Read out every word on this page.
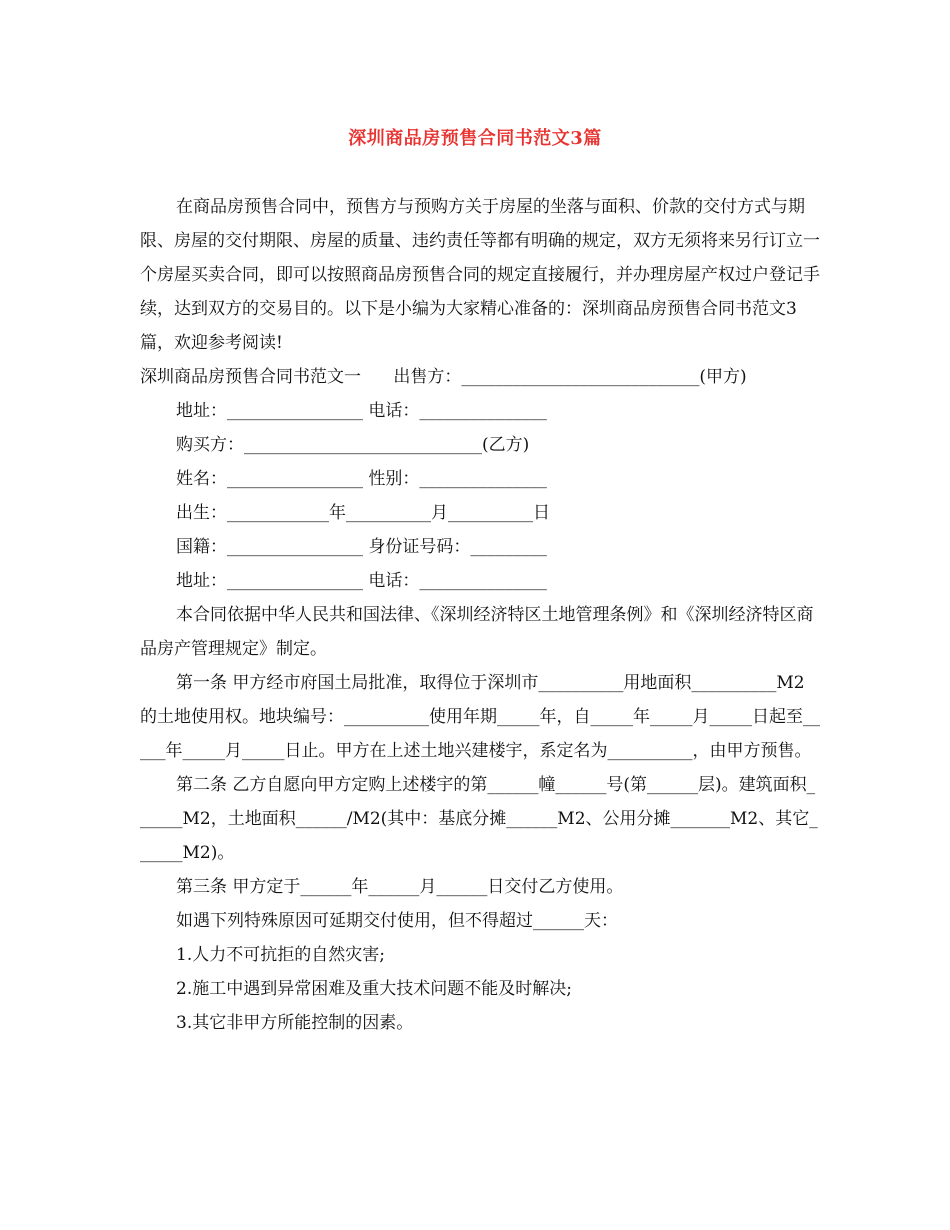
深圳商品房预售合同书范文3篇

在商品房预售合同中，预售方与预购方关于房屋的坐落与面积、价款的交付方式与期限、房屋的交付期限、房屋的质量、违约责任等都有明确的规定，双方无须将来另行订立一个房屋买卖合同，即可以按照商品房预售合同的规定直接履行，并办理房屋产权过户登记手续，达到双方的交易目的。以下是小编为大家精心准备的：深圳商品房预售合同书范文3篇，欢迎参考阅读!

深圳商品房预售合同书范文一      出售方：____________________________(甲方)

地址：________________ 电话：_______________

购买方：____________________________(乙方)

姓名：________________ 性别：_______________

出生：____________年__________月__________日

国籍：________________ 身份证号码：_________

地址：________________ 电话：_______________

本合同依据中华人民共和国法律、《深圳经济特区土地管理条例》和《深圳经济特区商品房产管理规定》制定。

第一条 甲方经市府国土局批准，取得位于深圳市__________用地面积__________M2的土地使用权。地块编号：__________使用年期_____年，自_____年_____月_____日起至_____年_____月_____日止。甲方在上述土地兴建楼宇，系定名为__________，由甲方预售。

第二条 乙方自愿向甲方定购上述楼宇的第______幢______号(第______层)。建筑面积______M2，土地面积______/M2(其中：基底分摊______M2、公用分摊_______M2、其它______M2)。

第三条 甲方定于______年______月______日交付乙方使用。

如遇下列特殊原因可延期交付使用，但不得超过______天：

1.人力不可抗拒的自然灾害;

2.施工中遇到异常困难及重大技术问题不能及时解决;

3.其它非甲方所能控制的因素。
